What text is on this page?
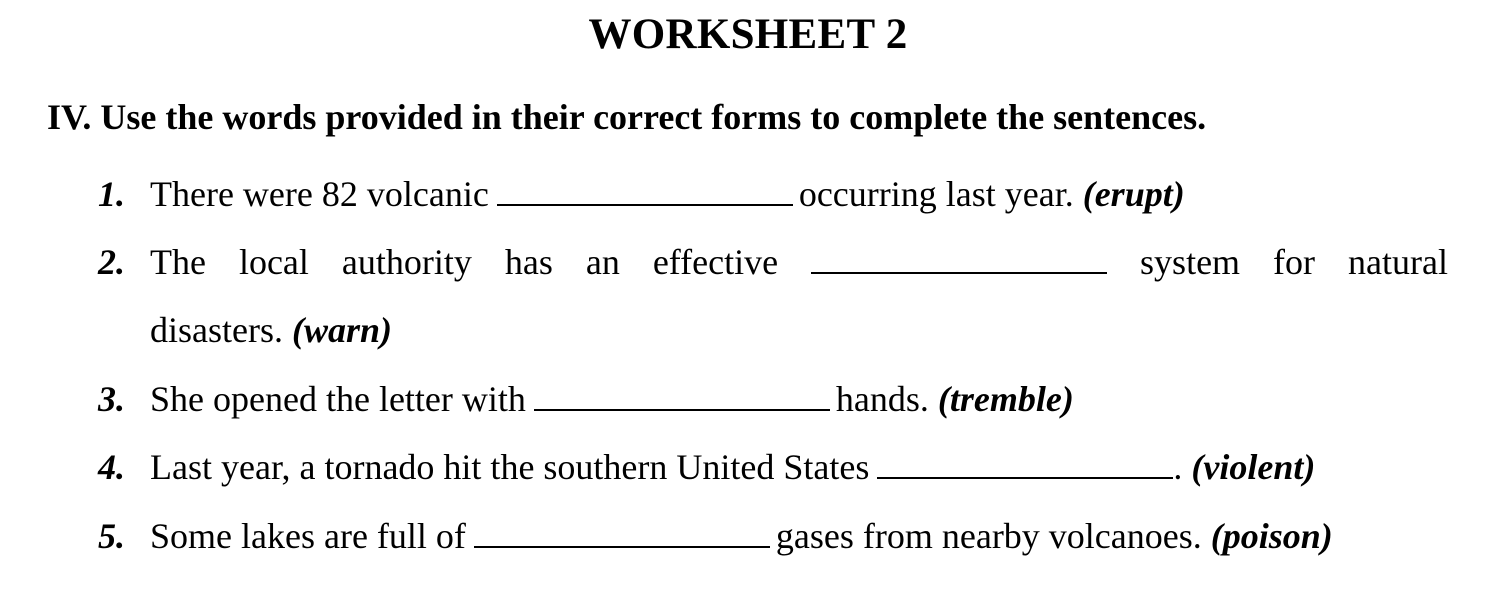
WORKSHEET 2
IV. Use the words provided in their correct forms to complete the sentences.
1. There were 82 volcanic	occurring last year. (erupt)
2. The local authority has an effective	system for natural
disasters. (warn)
3. She opened the letter with	hands. (tremble)
4. Last year, a tornado hit the southern United States	. (violent)
5. Some lakes are full of	gases from nearby volcanoes. (poison)
